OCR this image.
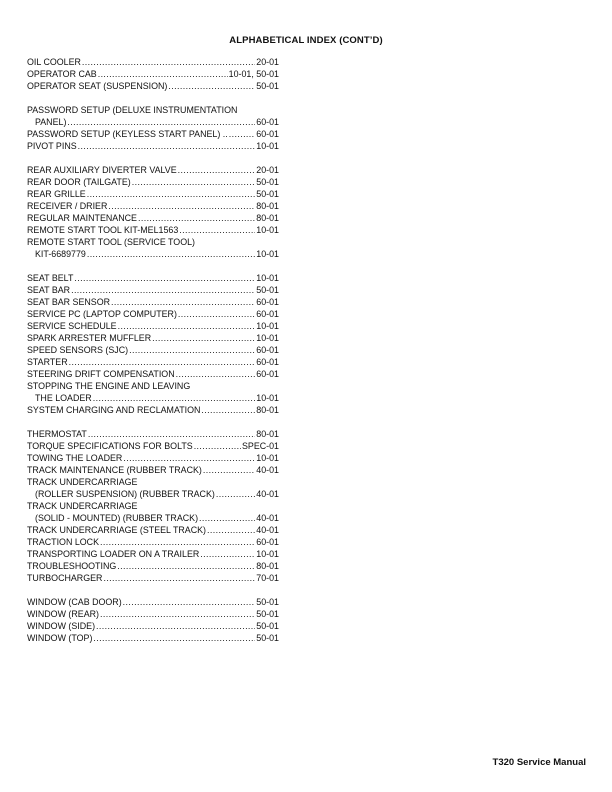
ALPHABETICAL INDEX (CONT’D)
OIL COOLER .....	20-01
OPERATOR CAB .....	10-01, 50-01
OPERATOR SEAT (SUSPENSION) .....	50-01
PASSWORD SETUP (DELUXE INSTRUMENTATION
PANEL) .....	60-01
PASSWORD SETUP (KEYLESS START PANEL) .. .....	60-01
PIVOT PINS .....	10-01
REAR AUXILIARY DIVERTER VALVE .....	20-01
REAR DOOR (TAILGATE) .....	50-01
REAR GRILLE .....	50-01
RECEIVER / DRIER .....	80-01
REGULAR MAINTENANCE .....	80-01
REMOTE START TOOL KIT-MEL1563 .....	10-01
REMOTE START TOOL (SERVICE TOOL)
KIT-6689779 .....	10-01
SEAT BELT .....	10-01
SEAT BAR .....	50-01
SEAT BAR SENSOR .....	60-01
SERVICE PC (LAPTOP COMPUTER) .....	60-01
SERVICE SCHEDULE .....	10-01
SPARK ARRESTER MUFFLER .....	10-01
SPEED SENSORS (SJC) .....	60-01
STARTER .....	60-01
STEERING DRIFT COMPENSATION .....	60-01
STOPPING THE ENGINE AND LEAVING
THE LOADER .....	10-01
SYSTEM CHARGING AND RECLAMATION .....	80-01
THERMOSTAT .....	80-01
TORQUE SPECIFICATIONS FOR BOLTS .....	SPEC-01
TOWING THE LOADER .....	10-01
TRACK MAINTENANCE (RUBBER TRACK) .....	40-01
TRACK UNDERCARRIAGE
(ROLLER SUSPENSION) (RUBBER TRACK) .....	40-01
TRACK UNDERCARRIAGE
(SOLID - MOUNTED) (RUBBER TRACK) .....	40-01
TRACK UNDERCARRIAGE (STEEL TRACK) .....	40-01
TRACTION LOCK .....	60-01
TRANSPORTING LOADER ON A TRAILER .....	10-01
TROUBLESHOOTING .....	80-01
TURBOCHARGER .....	70-01
WINDOW (CAB DOOR) .....	50-01
WINDOW (REAR) .....	50-01
WINDOW (SIDE) .....	50-01
WINDOW (TOP) .....	50-01
T320 Service Manual
